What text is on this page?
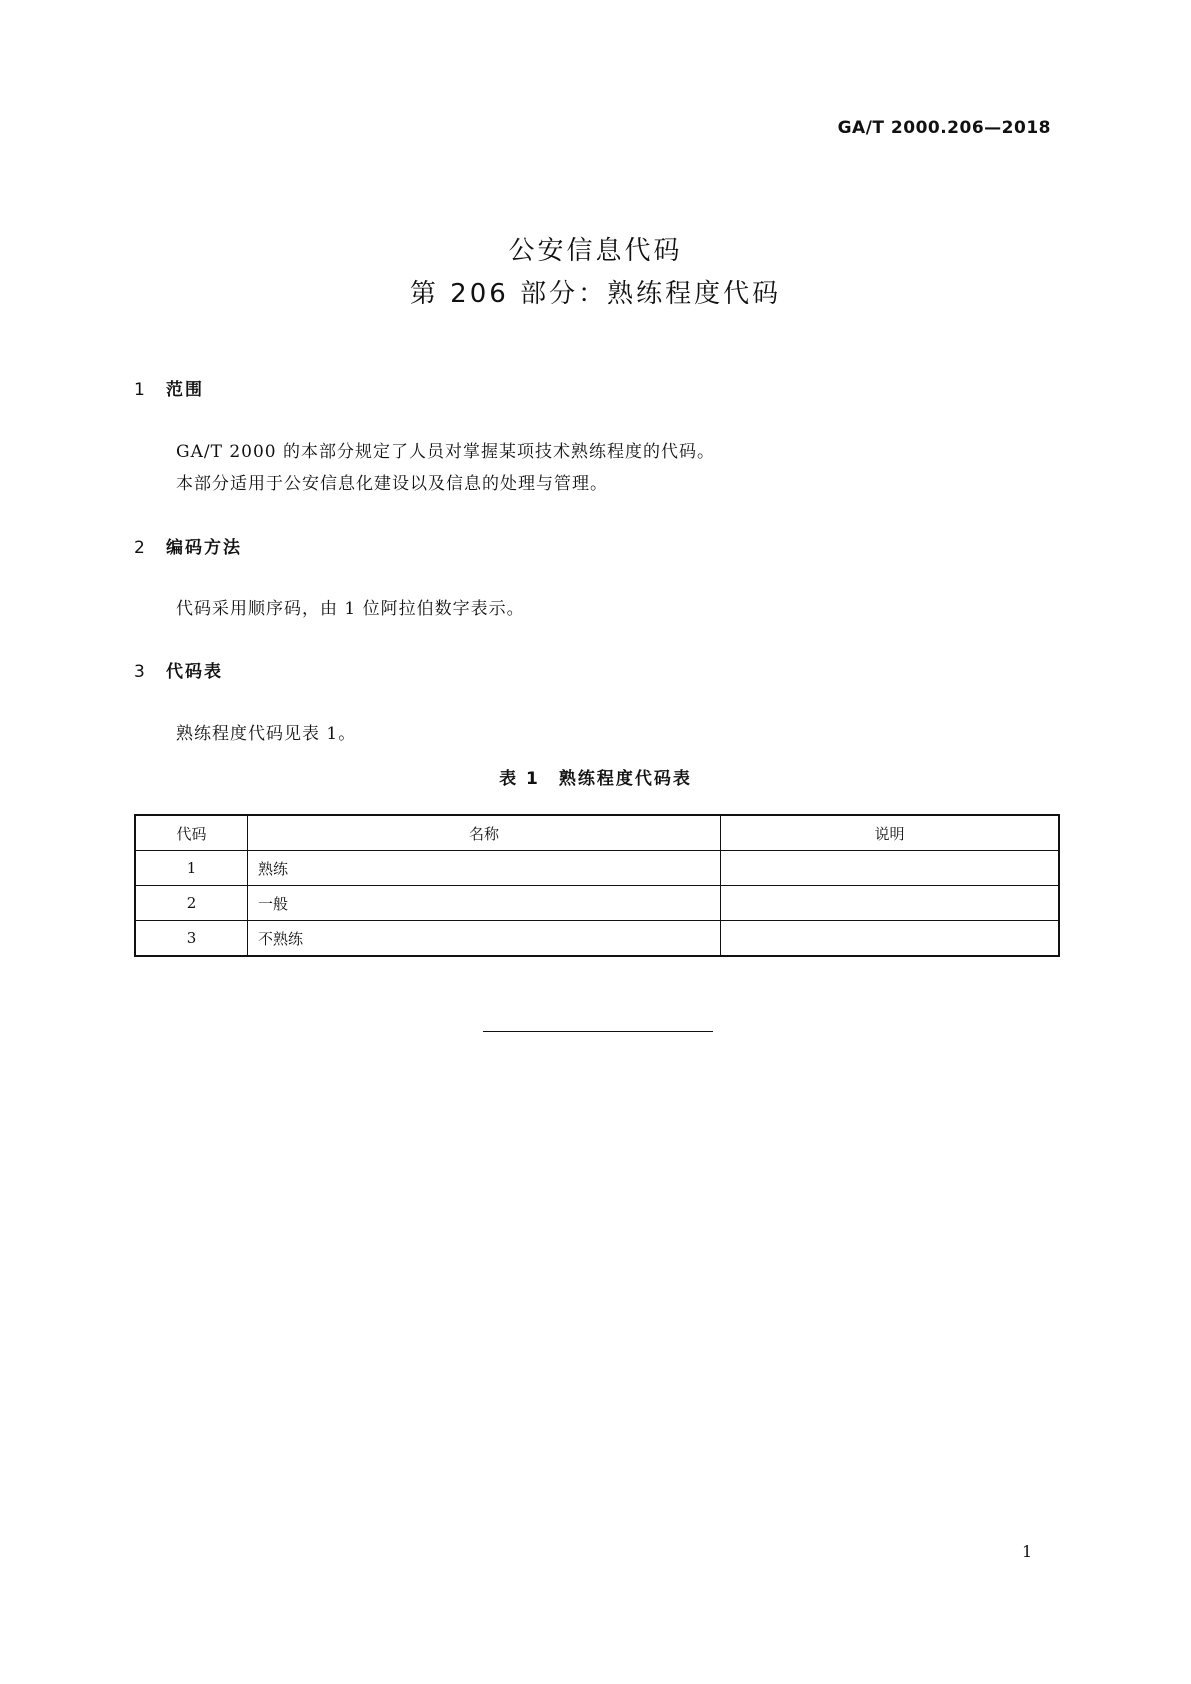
GA/T 2000.206—2018
公安信息代码
第 206 部分：熟练程度代码
1 范围
GA/T 2000 的本部分规定了人员对掌握某项技术熟练程度的代码。
本部分适用于公安信息化建设以及信息的处理与管理。
2 编码方法
代码采用顺序码，由 1 位阿拉伯数字表示。
3 代码表
熟练程度代码见表 1。
表 1　熟练程度代码表
代码	名称	说明
1	熟练	
2	一般	
3	不熟练	
1
